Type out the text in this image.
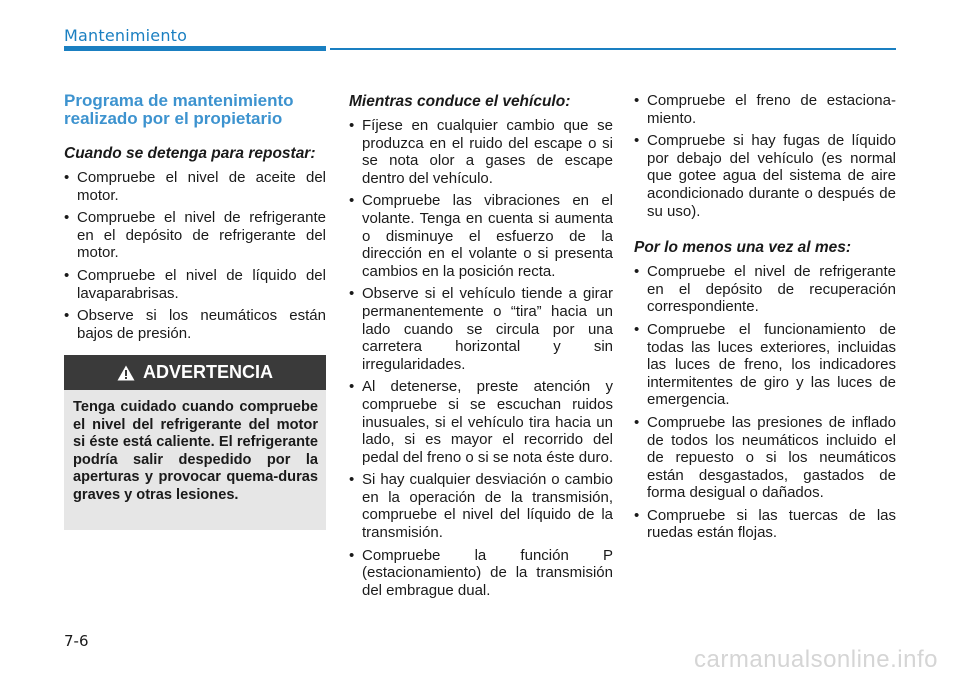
Mantenimiento
Programa de mantenimiento realizado por el propietario
Cuando se detenga para repostar:
• Compruebe el nivel de aceite del motor.
• Compruebe el nivel de refrigerante en el depósito de refrigerante del motor.
• Compruebe el nivel de líquido del lavaparabrisas.
• Observe si los neumáticos están bajos de presión.
ADVERTENCIA
Tenga cuidado cuando compruebe el nivel del refrigerante del motor si éste está caliente. El refrigerante podría salir despedido por la aperturas y provocar quema-duras graves y otras lesiones.
Mientras conduce el vehículo:
• Fíjese en cualquier cambio que se produzca en el ruido del escape o si se nota olor a gases de escape dentro del vehículo.
• Compruebe las vibraciones en el volante. Tenga en cuenta si aumenta o disminuye el esfuerzo de la dirección en el volante o si presenta cambios en la posición recta.
• Observe si el vehículo tiende a girar permanentemente o “tira” hacia un lado cuando se circula por una carretera horizontal y sin irregularidades.
• Al detenerse, preste atención y compruebe si se escuchan ruidos inusuales, si el vehículo tira hacia un lado, si es mayor el recorrido del pedal del freno o si se nota éste duro.
• Si hay cualquier desviación o cambio en la operación de la transmisión, compruebe el nivel del líquido de la transmisión.
• Compruebe la función P (estacionamiento) de la transmisión del embrague dual.
• Compruebe el freno de estaciona-miento.
• Compruebe si hay fugas de líquido por debajo del vehículo (es normal que gotee agua del sistema de aire acondicionado durante o después de su uso).
Por lo menos una vez al mes:
• Compruebe el nivel de refrigerante en el depósito de recuperación correspondiente.
• Compruebe el funcionamiento de todas las luces exteriores, incluidas las luces de freno, los indicadores intermitentes de giro y las luces de emergencia.
• Compruebe las presiones de inflado de todos los neumáticos incluido el de repuesto o si los neumáticos están desgastados, gastados de forma desigual o dañados.
• Compruebe si las tuercas de las ruedas están flojas.
7-6
carmanualsonline.info
